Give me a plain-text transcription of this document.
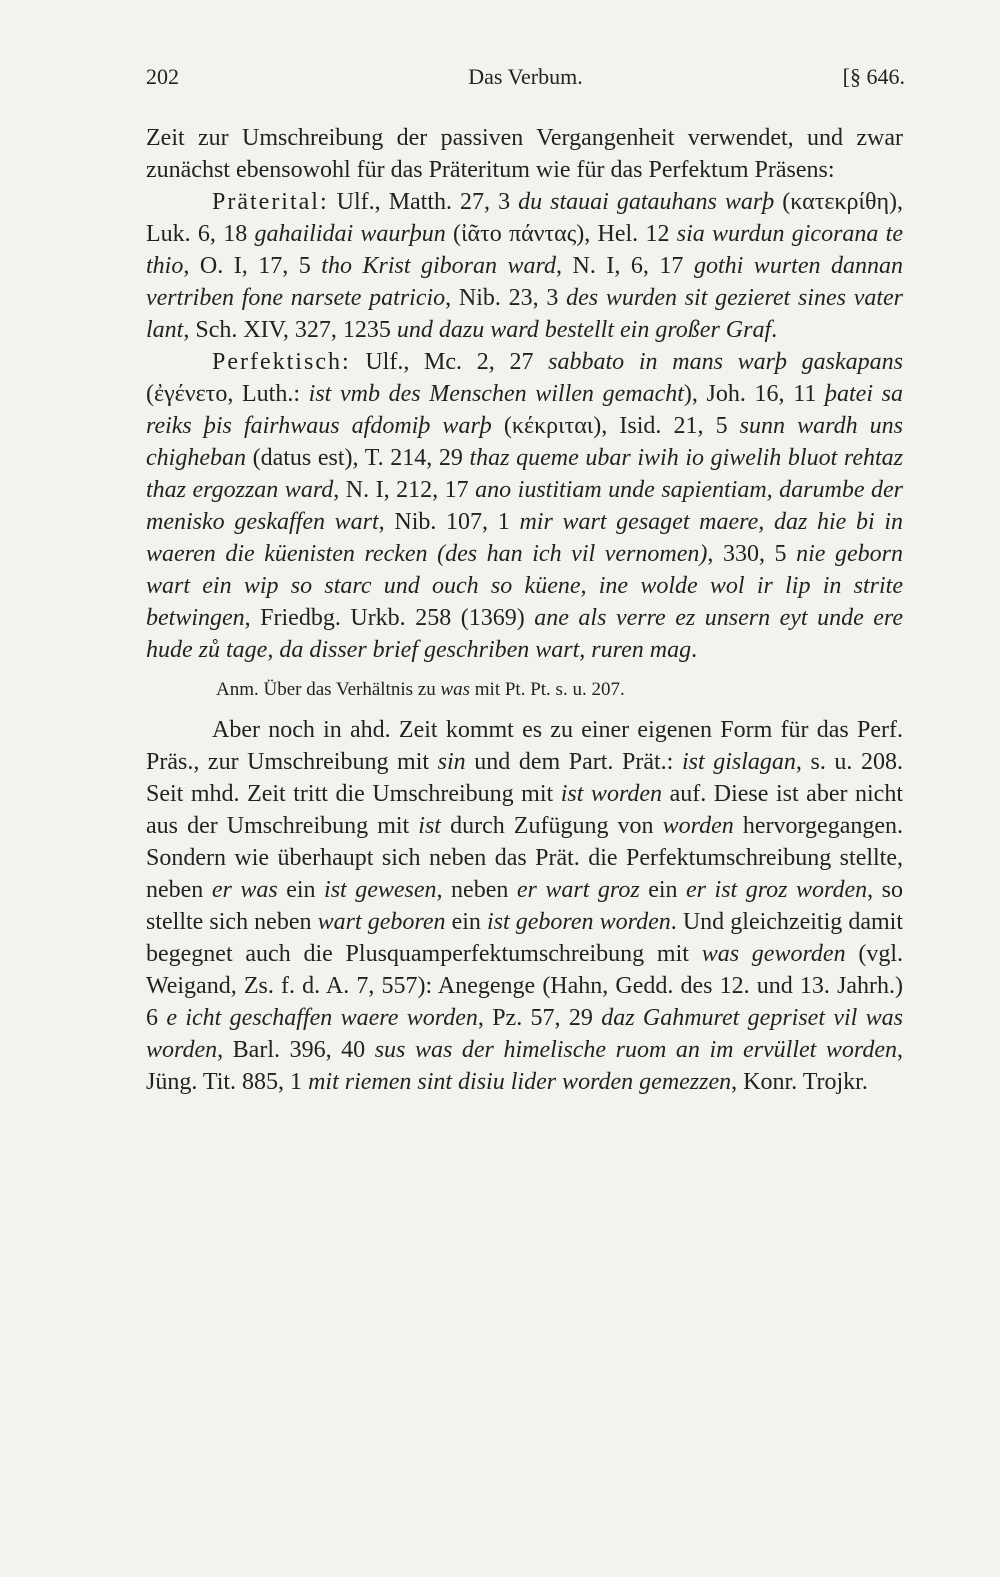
202	Das Verbum.	[§ 646.

Zeit zur Umschreibung der passiven Vergangenheit verwendet, und zwar zunächst ebensowohl für das Präteritum wie für das Perfektum Präsens:

Präterital: Ulf., Matth. 27, 3 du stauai gatauhans warþ (κατεκρίθη), Luk. 6, 18 gahailidai waurþun (ἰᾶτο πάντας), Hel. 12 sia wurdun gicorana te thio, O. I, 17, 5 tho Krist giboran ward, N. I, 6, 17 gothi wurten dannan vertriben fone narsete patricio, Nib. 23, 3 des wurden sit gezieret sines vater lant, Sch. XIV, 327, 1235 und dazu ward bestellt ein großer Graf.

Perfektisch: Ulf., Mc. 2, 27 sabbato in mans warþ gaskapans (ἐγένετο, Luth.: ist vmb des Menschen willen gemacht), Joh. 16, 11 þatei sa reiks þis fairhwaus afdomiþ warþ (κέκριται), Isid. 21, 5 sunn wardh uns chigheban (datus est), T. 214, 29 thaz queme ubar iwih io giwelih bluot rehtaz thaz ergozzan ward, N. I, 212, 17 ano iustitiam unde sapientiam, darumbe der menisko geskaffen wart, Nib. 107, 1 mir wart gesaget maere, daz hie bi in waeren die küenisten recken (des han ich vil vernomen), 330, 5 nie geborn wart ein wip so starc und ouch so küene, ine wolde wol ir lip in strite betwingen, Friedbg. Urkb. 258 (1369) ane als verre ez unsern eyt unde ere hude zů tage, da disser brief geschriben wart, ruren mag.

Anm. Über das Verhältnis zu was mit Pt. Pt. s. u. 207.

Aber noch in ahd. Zeit kommt es zu einer eigenen Form für das Perf. Präs., zur Umschreibung mit sin und dem Part. Prät.: ist gislagan, s. u. 208. Seit mhd. Zeit tritt die Umschreibung mit ist worden auf. Diese ist aber nicht aus der Umschreibung mit ist durch Zufügung von worden hervorgegangen. Sondern wie überhaupt sich neben das Prät. die Perfektumschreibung stellte, neben er was ein ist gewesen, neben er wart groz ein er ist groz worden, so stellte sich neben wart geboren ein ist geboren worden. Und gleichzeitig damit begegnet auch die Plusquamperfektumschreibung mit was geworden (vgl. Weigand, Zs. f. d. A. 7, 557): Anegenge (Hahn, Gedd. des 12. und 13. Jahrh.) 6 e icht geschaffen waere worden, Pz. 57, 29 daz Gahmuret gepriset vil was worden, Barl. 396, 40 sus was der himelische ruom an im ervüllet worden, Jüng. Tit. 885, 1 mit riemen sint disiu lider worden gemezzen, Konr. Trojkr.
